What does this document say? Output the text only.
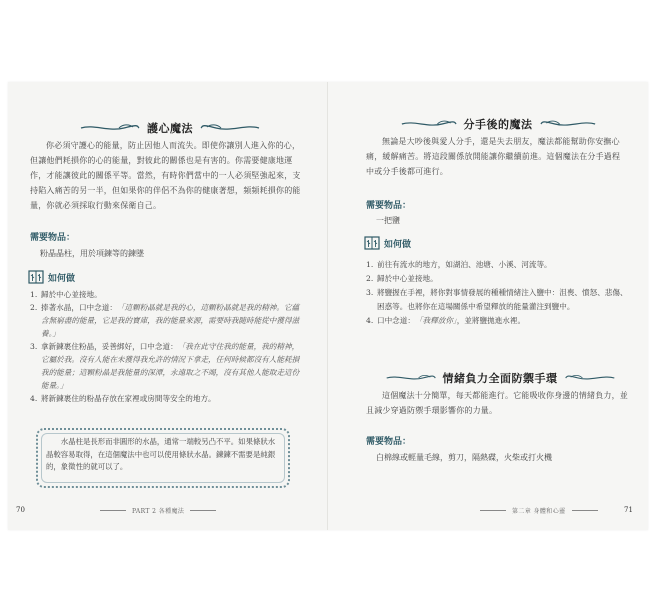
護心魔法

你必須守護心的能量，防止因他人而流失。即使你讓別人進入你的心，但讓他們耗損你的心的能量，對彼此的關係也是有害的。你需要健康地運作，才能讓彼此的關係平等。當然，有時你們當中的一人必須堅強起來，支持陷入痛苦的另一半，但如果你的伴侶不為你的健康著想，頻頻耗損你的能量，你就必須採取行動來保衛自己。

需要物品：
粉晶晶柱，用於項鍊等的鍊墜
如何做
1. 歸於中心並接地。
2. 捧著水晶，口中念道：「這顆粉晶就是我的心，這顆粉晶就是我的精神。它蘊含無窮盡的能量，它是我的寶庫，我的能量來源，需要時我隨時能從中獲得滋養。」
3. 拿新鍊裹住粉晶，妥善綁好，口中念道：「我在此守住我的能量，我的精神，它屬於我。沒有人能在未獲得我允許的情況下拿走，任何時候都沒有人能耗損我的能量；這顆粉晶是我能量的深潭，永遠取之不竭，沒有其他人能取走這份能量。」
4. 將新鍊裹住的粉晶存放在家裡或房間等安全的地方。

水晶柱是長形而非圓形的水晶，通常一端較另凸不平。如果條狀水晶較容易取得，在這個魔法中也可以使用條狀水晶。鍊鍊不需要是純銀的，象徵性的就可以了。

70	PART 2 各種魔法
分手後的魔法

無論是大吵後與愛人分手，還是失去朋友，魔法都能幫助你安撫心痛，緩解痛苦。將這段關係放開能讓你繼續前進。這個魔法在分手過程中或分手後都可進行。

需要物品：
一把鹽
如何做
1. 前往有流水的地方，如湖泊、池塘、小溪、河流等。
2. 歸於中心並接地。
3. 將鹽握在手裡，將你對事情發展的種種情緒注入鹽中：沮喪、憤怒、悲傷、困惑等。也將你在這場關係中希望釋放的能量灌注到鹽中。
4. 口中念道：「我釋放你」，並將鹽拋進水裡。
情緒負力全面防禦手環

這個魔法十分簡單，每天都能進行。它能吸收你身邊的情緒負力，並且減少穿過防禦手環影響你的力量。

需要物品：
白棉線或輕量毛線，剪刀，隔熱碟，火柴或打火機
第二章 身體和心靈	71
